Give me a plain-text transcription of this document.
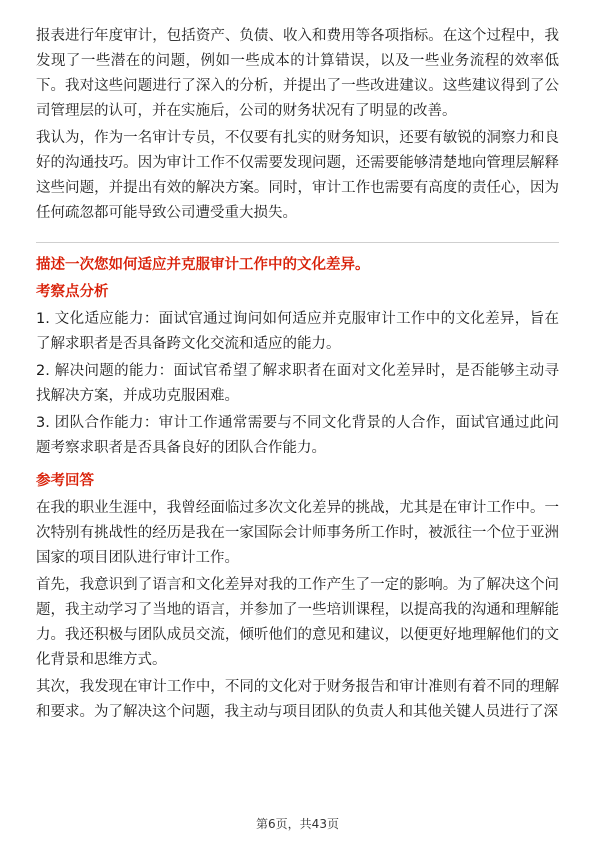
报表进行年度审计，包括资产、负债、收入和费用等各项指标。在这个过程中，我发现了一些潜在的问题，例如一些成本的计算错误，以及一些业务流程的效率低下。我对这些问题进行了深入的分析，并提出了一些改进建议。这些建议得到了公司管理层的认可，并在实施后，公司的财务状况有了明显的改善。

我认为，作为一名审计专员，不仅要有扎实的财务知识，还要有敏锐的洞察力和良好的沟通技巧。因为审计工作不仅需要发现问题，还需要能够清楚地向管理层解释这些问题，并提出有效的解决方案。同时，审计工作也需要有高度的责任心，因为任何疏忽都可能导致公司遭受重大损失。

描述一次您如何适应并克服审计工作中的文化差异。

考察点分析

1. 文化适应能力：面试官通过询问如何适应并克服审计工作中的文化差异，旨在了解求职者是否具备跨文化交流和适应的能力。

2. 解决问题的能力：面试官希望了解求职者在面对文化差异时，是否能够主动寻找解决方案，并成功克服困难。

3. 团队合作能力：审计工作通常需要与不同文化背景的人合作，面试官通过此问题考察求职者是否具备良好的团队合作能力。

参考回答

在我的职业生涯中，我曾经面临过多次文化差异的挑战，尤其是在审计工作中。一次特别有挑战性的经历是我在一家国际会计师事务所工作时，被派往一个位于亚洲国家的项目团队进行审计工作。

首先，我意识到了语言和文化差异对我的工作产生了一定的影响。为了解决这个问题，我主动学习了当地的语言，并参加了一些培训课程，以提高我的沟通和理解能力。我还积极与团队成员交流，倾听他们的意见和建议，以便更好地理解他们的文化背景和思维方式。

其次，我发现在审计工作中，不同的文化对于财务报告和审计准则有着不同的理解和要求。为了解决这个问题，我主动与项目团队的负责人和其他关键人员进行了深

第6页，共43页
